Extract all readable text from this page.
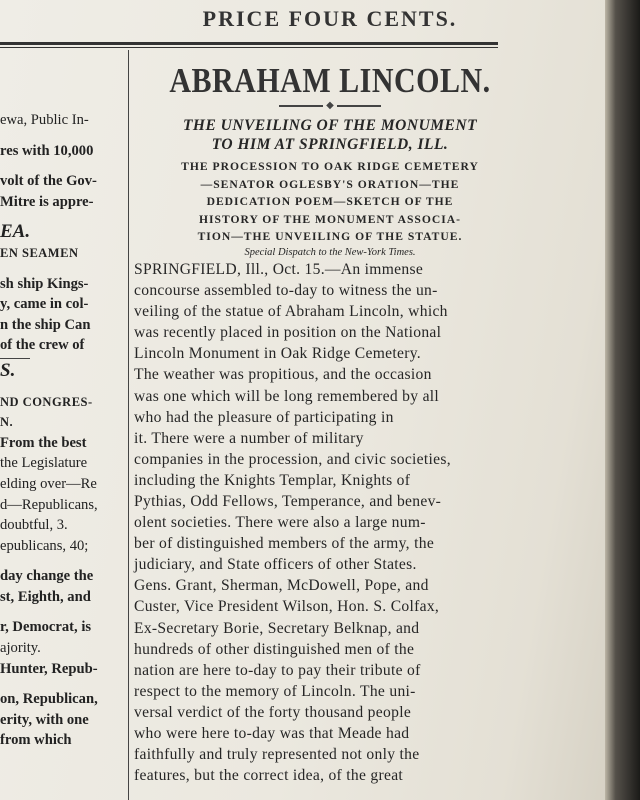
PRICE FOUR CENTS.
ewa, Public In-
res with 10,000
volt of the Gov-
Mitre is appre-
EA.
EN SEAMEN
sh ship Kings-
y, came in col-
n the ship Can
of the crew of
S.
ND CONGRES-
N.
From the best
the Legislature
elding over—Re
d—Republicans,
doubtful, 3.
epublicans, 40;
day change the
st, Eighth, and
r, Democrat, is
ajority.
Hunter, Repub-
on, Republican,
erity, with one
from which
ABRAHAM LINCOLN.
◆
THE UNVEILING OF THE MONUMENT
TO HIM AT SPRINGFIELD, ILL.
THE PROCESSION TO OAK RIDGE CEMETERY
—SENATOR OGLESBY'S ORATION—THE
DEDICATION POEM—SKETCH OF THE
HISTORY OF THE MONUMENT ASSOCIA-
TION—THE UNVEILING OF THE STATUE.
Special Dispatch to the New-York Times.
SPRINGFIELD, Ill., Oct. 15.—An immense
concourse assembled to-day to witness the un-
veiling of the statue of Abraham Lincoln, which
was recently placed in position on the National
Lincoln Monument in Oak Ridge Cemetery.
The weather was propitious, and the occasion
was one which will be long remembered by all
who had the pleasure of participating in
it. There were a number of military
companies in the procession, and civic societies,
including the Knights Templar, Knights of
Pythias, Odd Fellows, Temperance, and benev-
olent societies. There were also a large num-
ber of distinguished members of the army, the
judiciary, and State officers of other States.
Gens. Grant, Sherman, McDowell, Pope, and
Custer, Vice President Wilson, Hon. S. Colfax,
Ex-Secretary Borie, Secretary Belknap, and
hundreds of other distinguished men of the
nation are here to-day to pay their tribute of
respect to the memory of Lincoln. The uni-
versal verdict of the forty thousand people
who were here to-day was that Meade had
faithfully and truly represented not only the
features, but the correct idea, of the great
